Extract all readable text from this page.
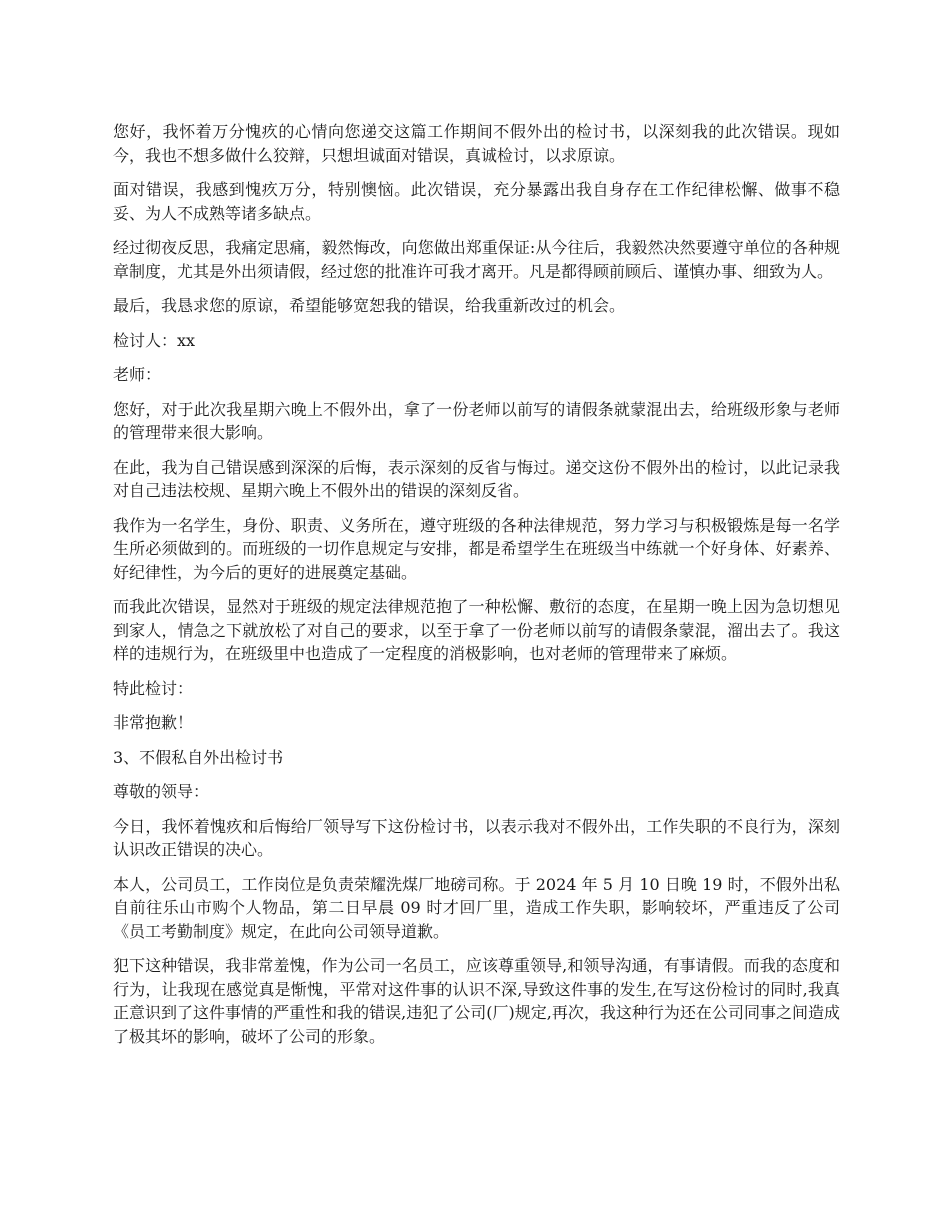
您好，我怀着万分愧疚的心情向您递交这篇工作期间不假外出的检讨书，以深刻我的此次错误。现如今，我也不想多做什么狡辩，只想坦诚面对错误，真诚检讨，以求原谅。

面对错误，我感到愧疚万分，特别懊恼。此次错误，充分暴露出我自身存在工作纪律松懈、做事不稳妥、为人不成熟等诸多缺点。

经过彻夜反思，我痛定思痛，毅然悔改，向您做出郑重保证:从今往后，我毅然决然要遵守单位的各种规章制度，尤其是外出须请假，经过您的批准许可我才离开。凡是都得顾前顾后、谨慎办事、细致为人。

最后，我恳求您的原谅，希望能够宽恕我的错误，给我重新改过的机会。

检讨人：xx

老师：

您好，对于此次我星期六晚上不假外出，拿了一份老师以前写的请假条就蒙混出去，给班级形象与老师的管理带来很大影响。

在此，我为自己错误感到深深的后悔，表示深刻的反省与悔过。递交这份不假外出的检讨，以此记录我对自己违法校规、星期六晚上不假外出的错误的深刻反省。

我作为一名学生，身份、职责、义务所在，遵守班级的各种法律规范，努力学习与积极锻炼是每一名学生所必须做到的。而班级的一切作息规定与安排，都是希望学生在班级当中练就一个好身体、好素养、好纪律性，为今后的更好的进展奠定基础。

而我此次错误，显然对于班级的规定法律规范抱了一种松懈、敷衍的态度，在星期一晚上因为急切想见到家人，情急之下就放松了对自己的要求，以至于拿了一份老师以前写的请假条蒙混，溜出去了。我这样的违规行为，在班级里中也造成了一定程度的消极影响，也对老师的管理带来了麻烦。

特此检讨：

非常抱歉！

3、不假私自外出检讨书

尊敬的领导：

今日，我怀着愧疚和后悔给厂领导写下这份检讨书，以表示我对不假外出，工作失职的不良行为，深刻认识改正错误的决心。

本人，公司员工，工作岗位是负责荣耀洗煤厂地磅司称。于 2024 年 5 月 10 日晚 19 时，不假外出私自前往乐山市购个人物品，第二日早晨 09 时才回厂里，造成工作失职，影响较坏，严重违反了公司《员工考勤制度》规定，在此向公司领导道歉。

犯下这种错误，我非常羞愧，作为公司一名员工，应该尊重领导,和领导沟通，有事请假。而我的态度和行为，让我现在感觉真是惭愧，平常对这件事的认识不深,导致这件事的发生,在写这份检讨的同时,我真正意识到了这件事情的严重性和我的错误,违犯了公司(厂)规定,再次，我这种行为还在公司同事之间造成了极其坏的影响，破坏了公司的形象。
